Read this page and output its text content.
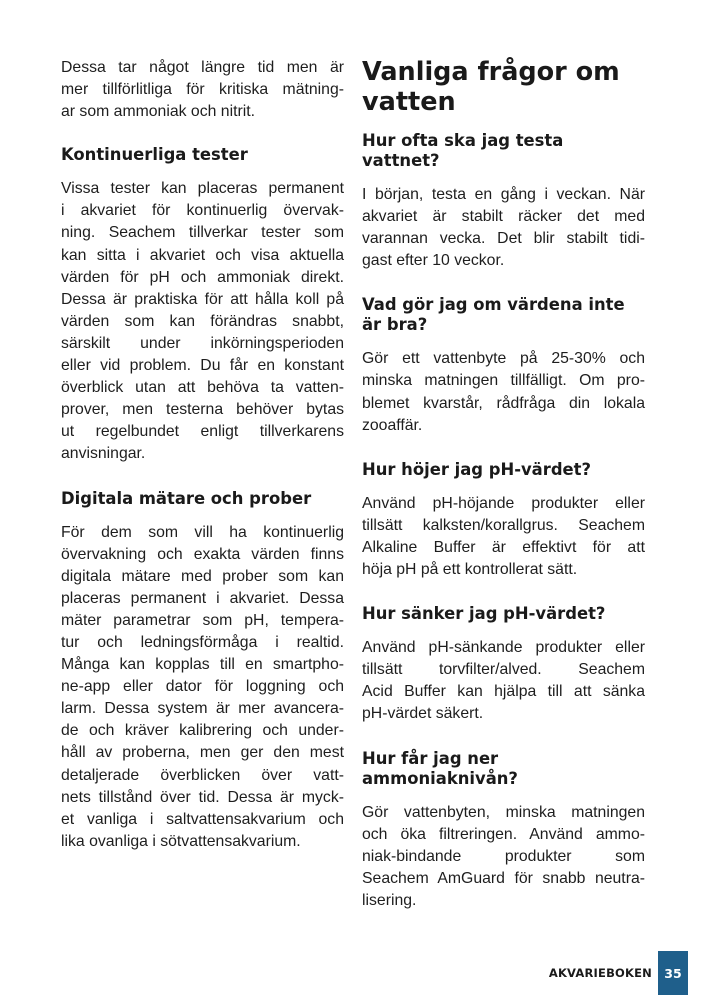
Dessa tar något längre tid men är
mer tillförlitliga för kritiska mätning-
ar som ammoniak och nitrit.

Kontinuerliga tester

Vissa tester kan placeras permanent
i akvariet för kontinuerlig övervak-
ning. Seachem tillverkar tester som
kan sitta i akvariet och visa aktuella
värden för pH och ammoniak direkt.
Dessa är praktiska för att hålla koll på
värden som kan förändras snabbt,
särskilt under inkörningsperioden
eller vid problem. Du får en konstant
överblick utan att behöva ta vatten-
prover, men testerna behöver bytas
ut regelbundet enligt tillverkarens
anvisningar.

Digitala mätare och prober

För dem som vill ha kontinuerlig
övervakning och exakta värden finns
digitala mätare med prober som kan
placeras permanent i akvariet. Dessa
mäter parametrar som pH, tempera-
tur och ledningsförmåga i realtid.
Många kan kopplas till en smartpho-
ne-app eller dator för loggning och
larm. Dessa system är mer avancera-
de och kräver kalibrering och under-
håll av proberna, men ger den mest
detaljerade överblicken över vatt-
nets tillstånd över tid. Dessa är myck-
et vanliga i saltvattensakvarium och
lika ovanliga i sötvattensakvarium.

Vanliga frågor om
vatten
Hur ofta ska jag testa
vattnet?

I början, testa en gång i veckan. När
akvariet är stabilt räcker det med
varannan vecka. Det blir stabilt tidi-
gast efter 10 veckor.

Vad gör jag om värdena inte
är bra?

Gör ett vattenbyte på 25-30% och
minska matningen tillfälligt. Om pro-
blemet kvarstår, rådfråga din lokala
zooaffär.

Hur höjer jag pH-värdet?

Använd pH-höjande produkter eller
tillsätt kalksten/korallgrus. Seachem
Alkaline Buffer är effektivt för att
höja pH på ett kontrollerat sätt.

Hur sänker jag pH-värdet?

Använd pH-sänkande produkter eller
tillsätt torvfilter/alved. Seachem
Acid Buffer kan hjälpa till att sänka
pH-värdet säkert.

Hur får jag ner
ammoniaknivån?

Gör vattenbyten, minska matningen
och öka filtreringen. Använd ammo-
niak-bindande produkter som
Seachem AmGuard för snabb neutra-
lisering.

AKVARIEBOKEN 35
